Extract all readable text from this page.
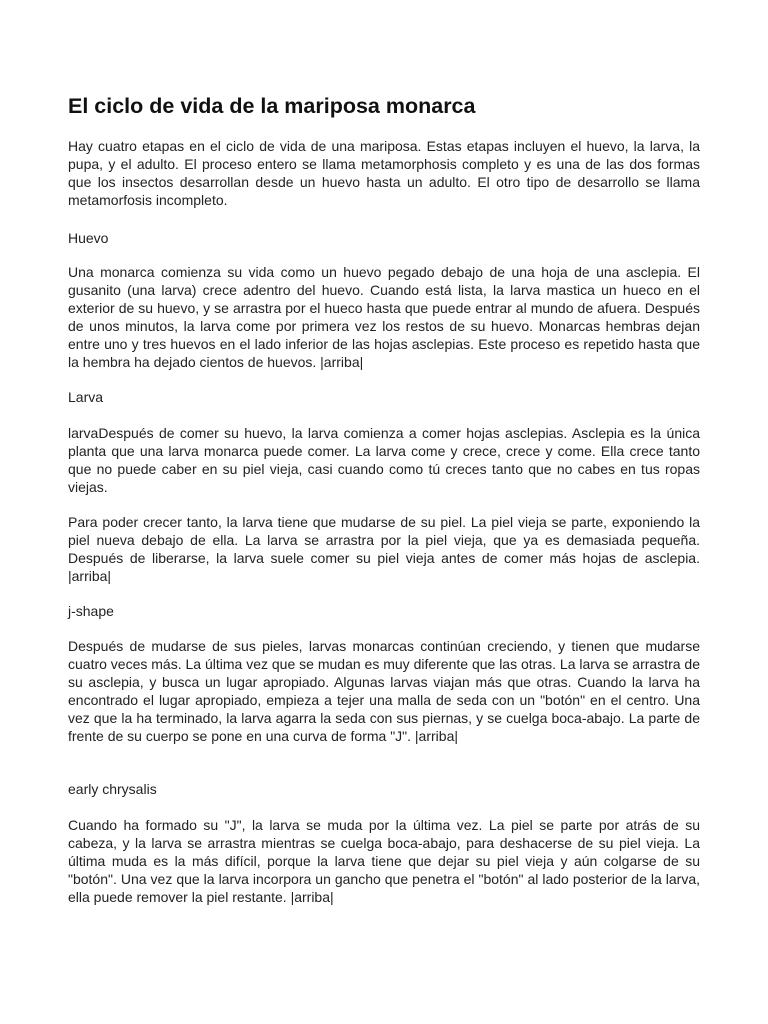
El ciclo de vida de la mariposa monarca

Hay cuatro etapas en el ciclo de vida de una mariposa. Estas etapas incluyen el huevo, la larva, la pupa, y el adulto. El proceso entero se llama metamorphosis completo y es una de las dos formas que los insectos desarrollan desde un huevo hasta un adulto. El otro tipo de desarrollo se llama metamorfosis incompleto.

Huevo

Una monarca comienza su vida como un huevo pegado debajo de una hoja de una asclepia. El gusanito (una larva) crece adentro del huevo. Cuando está lista, la larva mastica un hueco en el exterior de su huevo, y se arrastra por el hueco hasta que puede entrar al mundo de afuera. Después de unos minutos, la larva come por primera vez los restos de su huevo. Monarcas hembras dejan entre uno y tres huevos en el lado inferior de las hojas asclepias. Este proceso es repetido hasta que la hembra ha dejado cientos de huevos. |arriba|

Larva

larvaDespués de comer su huevo, la larva comienza a comer hojas asclepias. Asclepia es la única planta que una larva monarca puede comer. La larva come y crece, crece y come. Ella crece tanto que no puede caber en su piel vieja, casi cuando como tú creces tanto que no cabes en tus ropas viejas.

Para poder crecer tanto, la larva tiene que mudarse de su piel. La piel vieja se parte, exponiendo la piel nueva debajo de ella. La larva se arrastra por la piel vieja, que ya es demasiada pequeña. Después de liberarse, la larva suele comer su piel vieja antes de comer más hojas de asclepia. |arriba|

j-shape

Después de mudarse de sus pieles, larvas monarcas continúan creciendo, y tienen que mudarse cuatro veces más. La última vez que se mudan es muy diferente que las otras. La larva se arrastra de su asclepia, y busca un lugar apropiado. Algunas larvas viajan más que otras. Cuando la larva ha encontrado el lugar apropiado, empieza a tejer una malla de seda con un "botón" en el centro. Una vez que la ha terminado, la larva agarra la seda con sus piernas, y se cuelga boca-abajo. La parte de frente de su cuerpo se pone en una curva de forma "J". |arriba|

early chrysalis

Cuando ha formado su "J", la larva se muda por la última vez. La piel se parte por atrás de su cabeza, y la larva se arrastra mientras se cuelga boca-abajo, para deshacerse de su piel vieja. La última muda es la más difícil, porque la larva tiene que dejar su piel vieja y aún colgarse de su "botón". Una vez que la larva incorpora un gancho que penetra el "botón" al lado posterior de la larva, ella puede remover la piel restante. |arriba|
